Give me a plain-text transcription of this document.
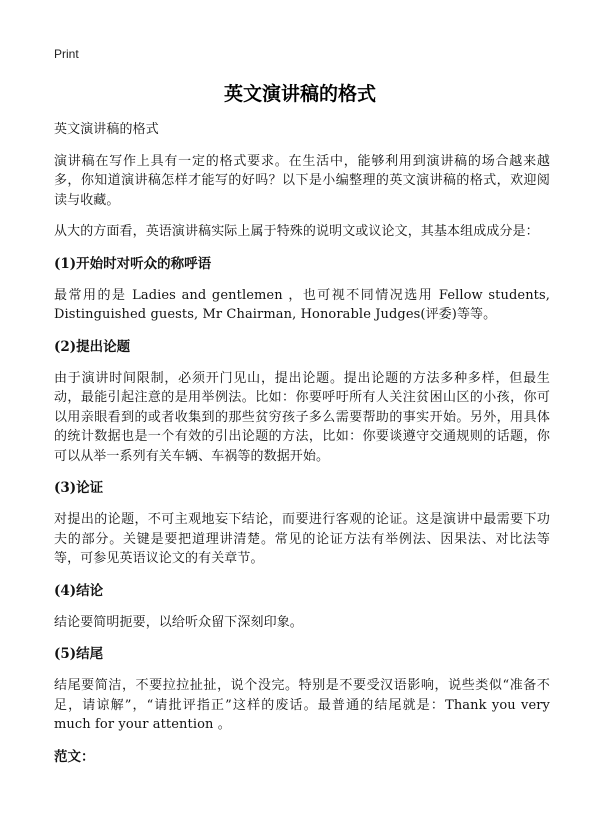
Print
英文演讲稿的格式

英文演讲稿的格式

演讲稿在写作上具有一定的格式要求。在生活中，能够利用到演讲稿的场合越来越多，你知道演讲稿怎样才能写的好吗？以下是小编整理的英文演讲稿的格式，欢迎阅读与收藏。

从大的方面看，英语演讲稿实际上属于特殊的说明文或议论文，其基本组成成分是：

(1)开始时对听众的称呼语

最常用的是 Ladies and gentlemen ，也可视不同情况选用 Fellow students, Distinguished guests, Mr Chairman, Honorable Judges(评委)等等。

(2)提出论题

由于演讲时间限制，必须开门见山，提出论题。提出论题的方法多种多样，但最生动，最能引起注意的是用举例法。比如：你要呼吁所有人关注贫困山区的小孩，你可以用亲眼看到的或者收集到的那些贫穷孩子多么需要帮助的事实开始。另外，用具体的统计数据也是一个有效的引出论题的方法，比如：你要谈遵守交通规则的话题，你可以从举一系列有关车辆、车祸等的数据开始。

(3)论证

对提出的论题，不可主观地妄下结论，而要进行客观的论证。这是演讲中最需要下功夫的部分。关键是要把道理讲清楚。常见的论证方法有举例法、因果法、对比法等等，可参见英语议论文的有关章节。

(4)结论

结论要简明扼要，以给听众留下深刻印象。

(5)结尾

结尾要简洁，不要拉拉扯扯，说个没完。特别是不要受汉语影响，说些类似“准备不足，请谅解”，“请批评指正”这样的废话。最普通的结尾就是：Thank you very much for your attention 。

范文：
